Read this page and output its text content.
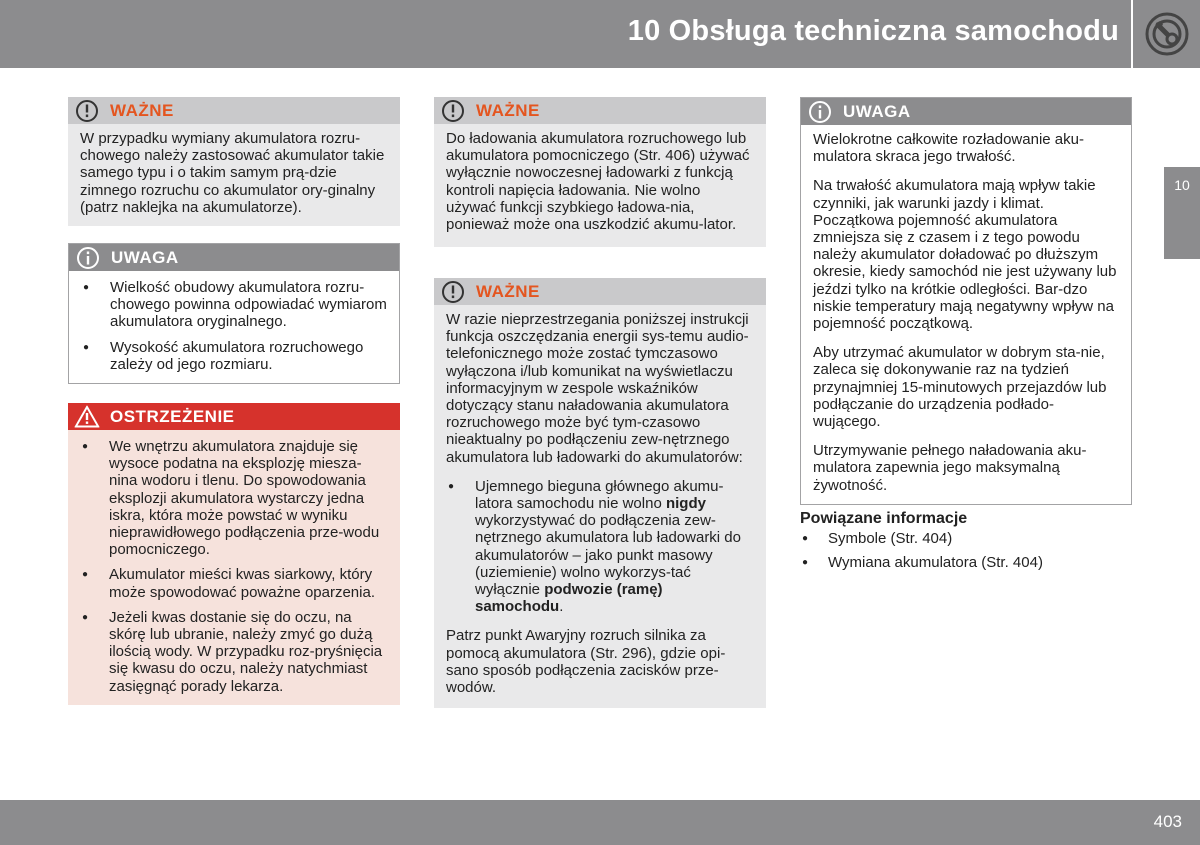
10 Obsługa techniczna samochodu
10
WAŻNE

W przypadku wymiany akumulatora rozru-chowego należy zastosować akumulator takie samego typu i o takim samym prą-dzie zimnego rozruchu co akumulator ory-ginalny (patrz naklejka na akumulatorze).

UWAGA
● Wielkość obudowy akumulatora rozru-chowego powinna odpowiadać wymiarom akumulatora oryginalnego.
● Wysokość akumulatora rozruchowego zależy od jego rozmiaru.
OSTRZEŻENIE
● We wnętrzu akumulatora znajduje się wysoce podatna na eksplozję miesza-nina wodoru i tlenu. Do spowodowania eksplozji akumulatora wystarczy jedna iskra, która może powstać w wyniku nieprawidłowego podłączenia prze-wodu pomocniczego.
● Akumulator mieści kwas siarkowy, który może spowodować poważne oparzenia.
● Jeżeli kwas dostanie się do oczu, na skórę lub ubranie, należy zmyć go dużą ilością wody. W przypadku roz-pryśnięcia się kwasu do oczu, należy natychmiast zasięgnąć porady lekarza.
WAŻNE

Do ładowania akumulatora rozruchowego lub akumulatora pomocniczego (Str. 406) używać wyłącznie nowoczesnej ładowarki z funkcją kontroli napięcia ładowania. Nie wolno używać funkcji szybkiego ładowa-nia, ponieważ może ona uszkodzić akumu-lator.

WAŻNE

W razie nieprzestrzegania poniższej instrukcji funkcja oszczędzania energii sys-temu audio-telefonicznego może zostać tymczasowo wyłączona i/lub komunikat na wyświetlaczu informacyjnym w zespole wskaźników dotyczący stanu naładowania akumulatora rozruchowego może być tym-czasowo nieaktualny po podłączeniu zew-nętrznego akumulatora lub ładowarki do akumulatorów:

● Ujemnego bieguna głównego akumu-latora samochodu nie wolno nigdy wykorzystywać do podłączenia zew-nętrznego akumulatora lub ładowarki do akumulatorów – jako punkt masowy (uziemienie) wolno wykorzys-tać wyłącznie podwozie (ramę) samochodu.

Patrz punkt Awaryjny rozruch silnika za pomocą akumulatora (Str. 296), gdzie opi-sano sposób podłączenia zacisków prze-wodów.

UWAGA

Wielokrotne całkowite rozładowanie aku-mulatora skraca jego trwałość.

Na trwałość akumulatora mają wpływ takie czynniki, jak warunki jazdy i klimat. Początkowa pojemność akumulatora zmniejsza się z czasem i z tego powodu należy akumulator doładować po dłuższym okresie, kiedy samochód nie jest używany lub jeździ tylko na krótkie odległości. Bar-dzo niskie temperatury mają negatywny wpływ na pojemność początkową.

Aby utrzymać akumulator w dobrym sta-nie, zaleca się dokonywanie raz na tydzień przynajmniej 15-minutowych przejazdów lub podłączanie do urządzenia podłado-wującego.

Utrzymywanie pełnego naładowania aku-mulatora zapewnia jego maksymalną żywotność.

Powiązane informacje
● Symbole (Str. 404)
● Wymiana akumulatora (Str. 404)
403
